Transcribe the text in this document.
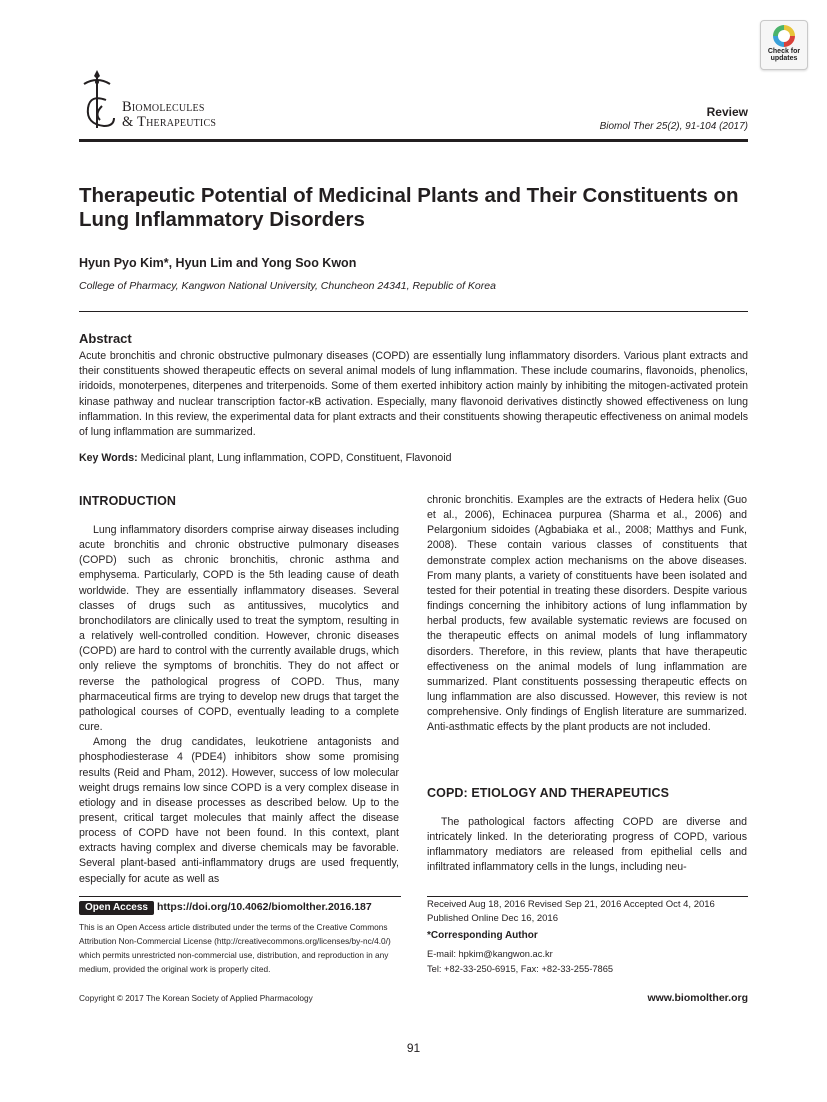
Biomolecules
& Therapeutics
Check for
updates
Review
Biomol Ther 25(2), 91-104 (2017)
Therapeutic Potential of Medicinal Plants and Their Constituents on Lung Inflammatory Disorders
Hyun Pyo Kim*, Hyun Lim and Yong Soo Kwon
College of Pharmacy, Kangwon National University, Chuncheon 24341, Republic of Korea
Abstract
Acute bronchitis and chronic obstructive pulmonary diseases (COPD) are essentially lung inflammatory disorders. Various plant extracts and their constituents showed therapeutic effects on several animal models of lung inflammation. These include coumarins, flavonoids, phenolics, iridoids, monoterpenes, diterpenes and triterpenoids. Some of them exerted inhibitory action mainly by inhibiting the mitogen-activated protein kinase pathway and nuclear transcription factor-κB activation. Especially, many flavonoid derivatives distinctly showed effectiveness on lung inflammation. In this review, the experimental data for plant extracts and their constituents showing therapeutic effectiveness on animal models of lung inflammation are summarized.
Key Words: Medicinal plant, Lung inflammation, COPD, Constituent, Flavonoid
INTRODUCTION

Lung inflammatory disorders comprise airway diseases including acute bronchitis and chronic obstructive pulmonary diseases (COPD) such as chronic bronchitis, chronic asthma and emphysema. Particularly, COPD is the 5th leading cause of death worldwide. They are essentially inflammatory diseases. Several classes of drugs such as antitussives, mucolytics and bronchodilators are clinically used to treat the symptom, resulting in a relatively well-controlled condition. However, chronic diseases (COPD) are hard to control with the currently available drugs, which only relieve the symptoms of bronchitis. They do not affect or reverse the pathological progress of COPD. Thus, many pharmaceutical firms are trying to develop new drugs that target the pathological courses of COPD, eventually leading to a complete cure.

Among the drug candidates, leukotriene antagonists and phosphodiesterase 4 (PDE4) inhibitors show some promising results (Reid and Pham, 2012). However, success of low molecular weight drugs remains low since COPD is a very complex disease in etiology and in disease processes as described below. Up to the present, critical target molecules that mainly affect the disease process of COPD have not been found. In this context, plant extracts having complex and diverse chemicals may be favorable. Several plant-based anti-inflammatory drugs are used frequently, especially for acute as well as

chronic bronchitis. Examples are the extracts of Hedera helix (Guo et al., 2006), Echinacea purpurea (Sharma et al., 2006) and Pelargonium sidoides (Agbabiaka et al., 2008; Matthys and Funk, 2008). These contain various classes of constituents that demonstrate complex action mechanisms on the above diseases. From many plants, a variety of constituents have been isolated and tested for their potential in treating these disorders. Despite various findings concerning the inhibitory actions of lung inflammation by herbal products, few available systematic reviews are focused on the therapeutic effects on animal models of lung inflammatory disorders. Therefore, in this review, plants that have therapeutic effectiveness on the animal models of lung inflammation are summarized. Plant constituents possessing therapeutic effects on lung inflammation are also discussed. However, this review is not comprehensive. Only findings of English literature are summarized. Anti-asthmatic effects by the plant products are not included.

COPD: ETIOLOGY AND THERAPEUTICS

The pathological factors affecting COPD are diverse and intricately linked. In the deteriorating progress of COPD, various inflammatory mediators are released from epithelial cells and infiltrated inflammatory cells in the lungs, including neu-

Open Access https://doi.org/10.4062/biomolther.2016.187
This is an Open Access article distributed under the terms of the Creative Commons Attribution Non-Commercial License (http://creativecommons.org/licenses/by-nc/4.0/) which permits unrestricted non-commercial use, distribution, and reproduction in any medium, provided the original work is properly cited.
Received Aug 18, 2016 Revised Sep 21, 2016 Accepted Oct 4, 2016
Published Online Dec 16, 2016
*Corresponding Author
E-mail: hpkim@kangwon.ac.kr
Tel: +82-33-250-6915, Fax: +82-33-255-7865
Copyright © 2017 The Korean Society of Applied Pharmacology	www.biomolther.org
91
